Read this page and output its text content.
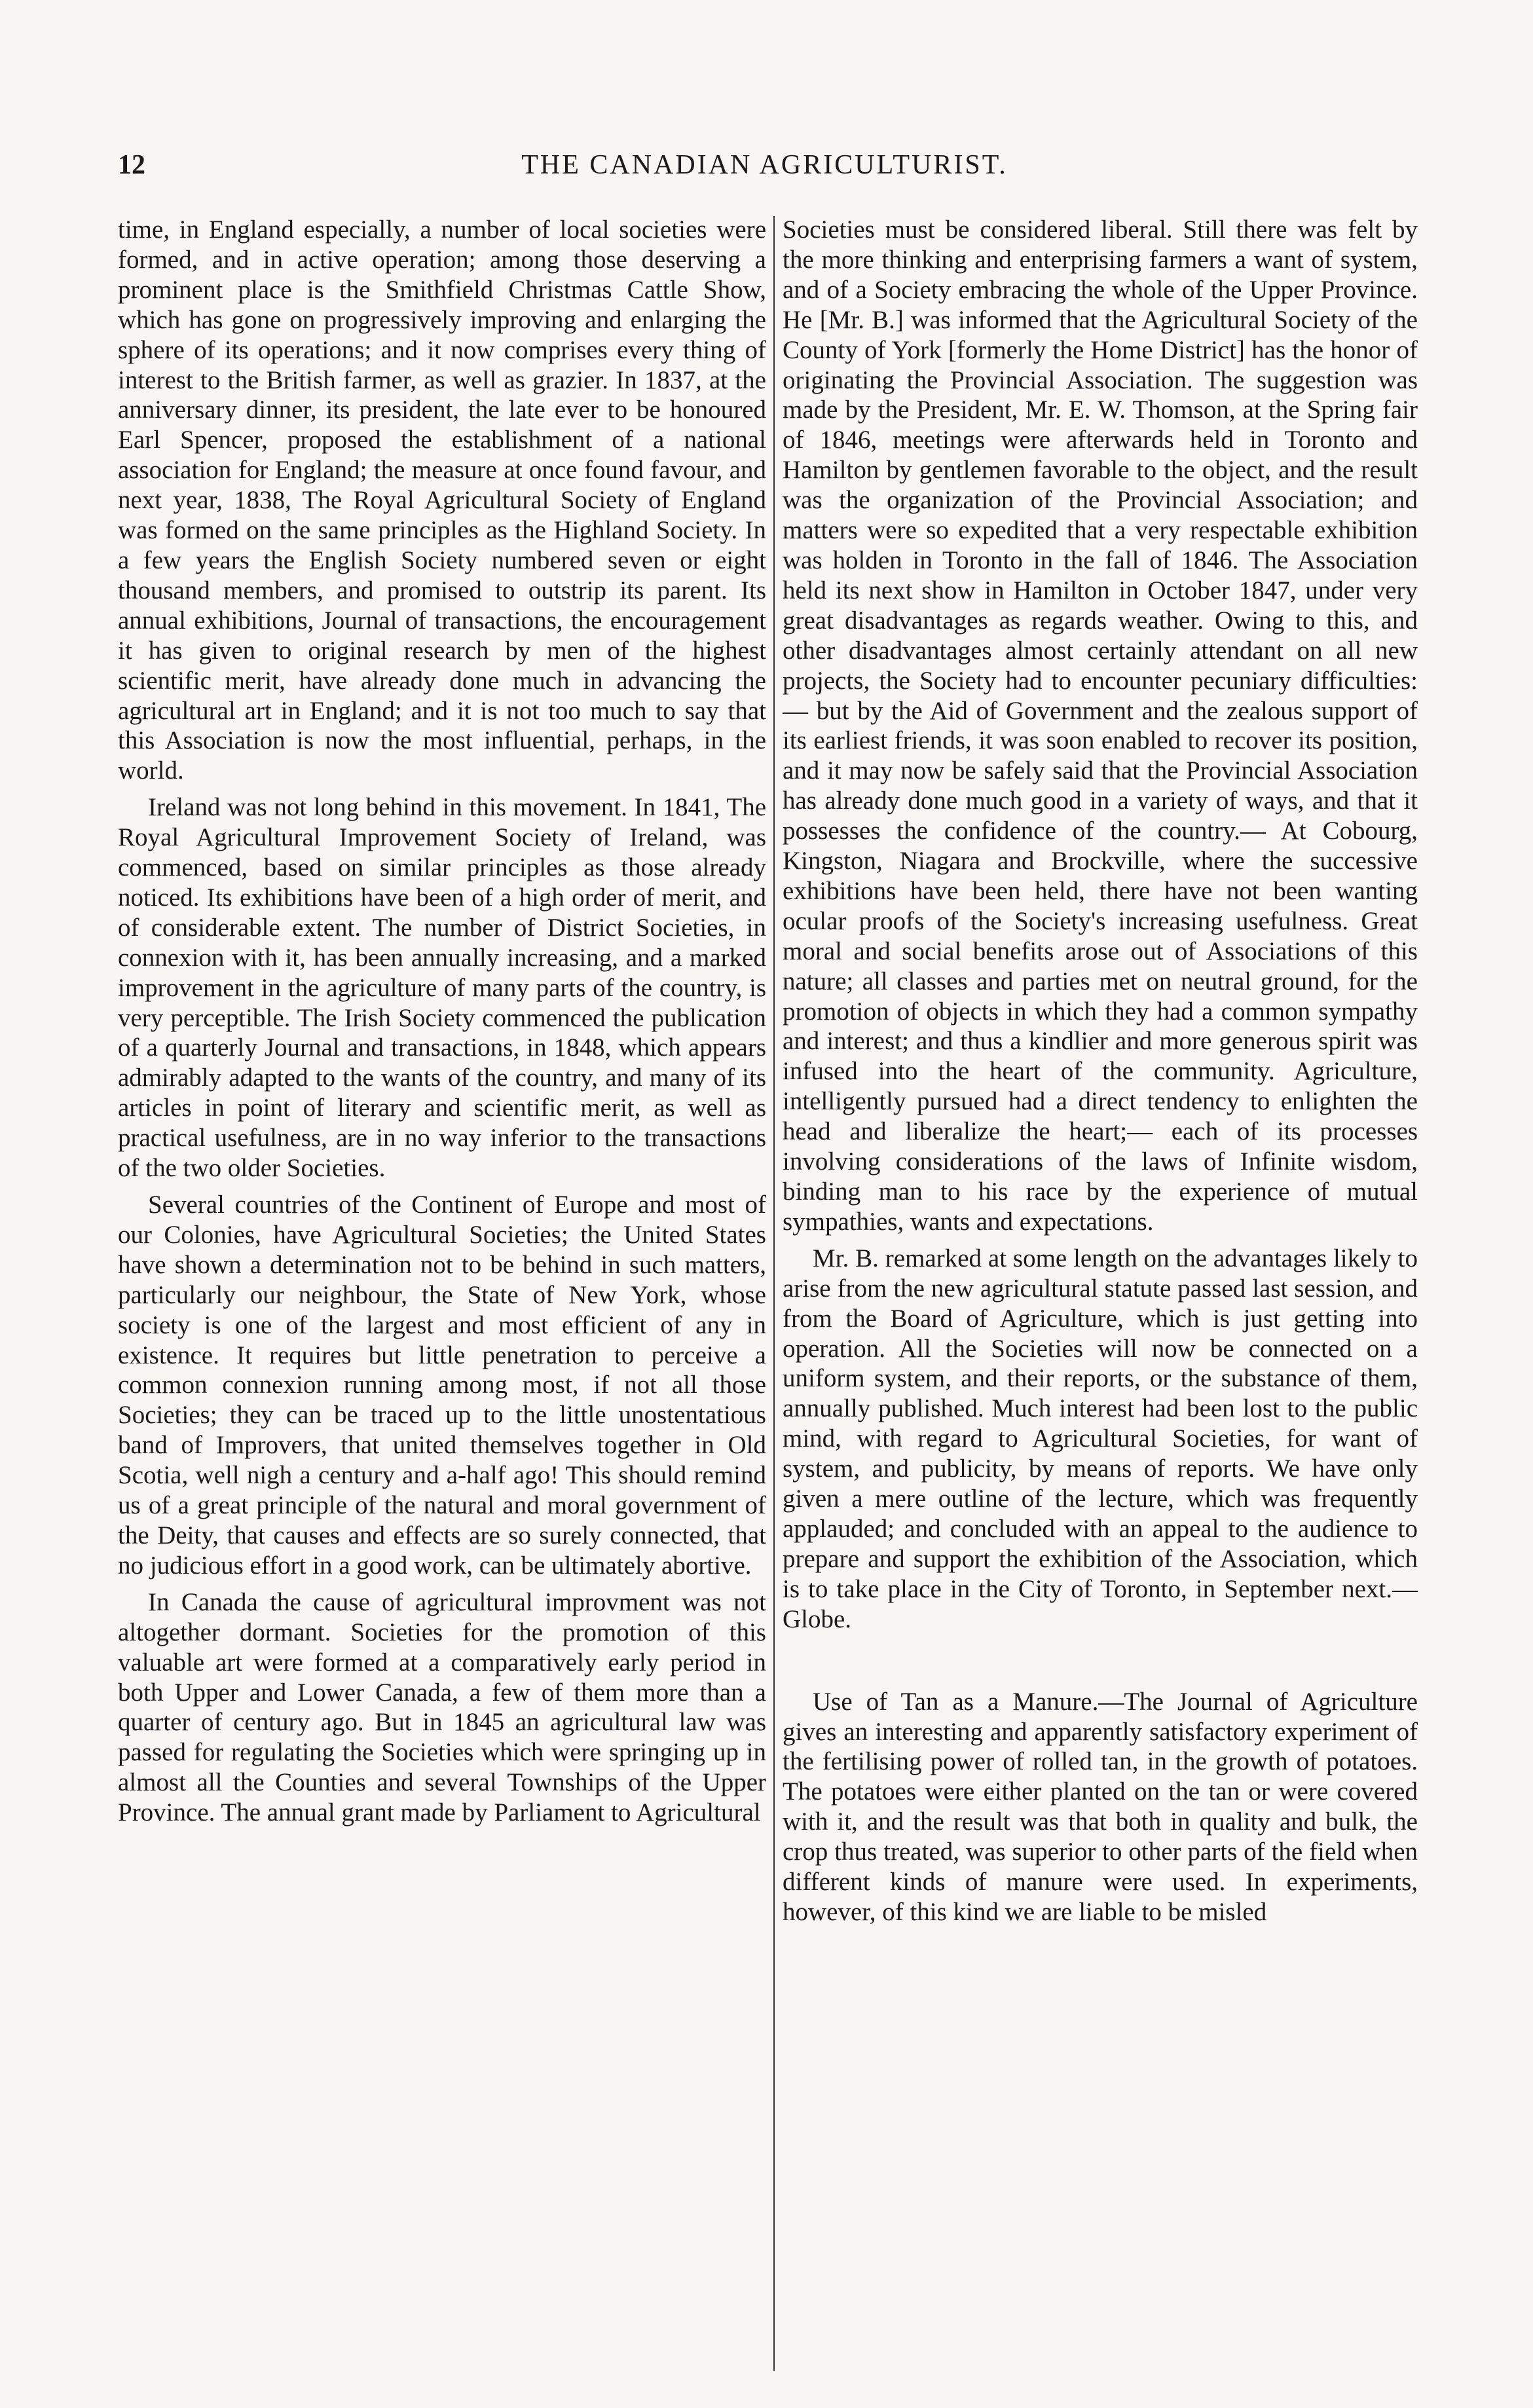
12	THE CANADIAN AGRICULTURIST.

time, in England especially, a number of local societies were formed, and in active operation; among those deserving a prominent place is the Smithfield Christmas Cattle Show, which has gone on progressively improving and enlarging the sphere of its operations; and it now comprises every thing of interest to the British farmer, as well as grazier. In 1837, at the anniversary dinner, its president, the late ever to be honoured Earl Spencer, proposed the establishment of a national association for England; the measure at once found favour, and next year, 1838, The Royal Agricultural Society of England was formed on the same principles as the Highland Society. In a few years the English Society numbered seven or eight thousand members, and promised to outstrip its parent. Its annual exhibitions, Journal of transactions, the encouragement it has given to original research by men of the highest scientific merit, have already done much in advancing the agricultural art in England; and it is not too much to say that this Association is now the most influential, perhaps, in the world.

Ireland was not long behind in this movement. In 1841, The Royal Agricultural Improvement Society of Ireland, was commenced, based on similar principles as those already noticed. Its exhibitions have been of a high order of merit, and of considerable extent. The number of District Societies, in connexion with it, has been annually increasing, and a marked improvement in the agriculture of many parts of the country, is very perceptible. The Irish Society commenced the publication of a quarterly Journal and transactions, in 1848, which appears admirably adapted to the wants of the country, and many of its articles in point of literary and scientific merit, as well as practical usefulness, are in no way inferior to the transactions of the two older Societies.

Several countries of the Continent of Europe and most of our Colonies, have Agricultural Societies; the United States have shown a determination not to be behind in such matters, particularly our neighbour, the State of New York, whose society is one of the largest and most efficient of any in existence. It requires but little penetration to perceive a common connexion running among most, if not all those Societies; they can be traced up to the little unostentatious band of Improvers, that united themselves together in Old Scotia, well nigh a century and a-half ago! This should remind us of a great principle of the natural and moral government of the Deity, that causes and effects are so surely connected, that no judicious effort in a good work, can be ultimately abortive.

In Canada the cause of agricultural improvment was not altogether dormant. Societies for the promotion of this valuable art were formed at a comparatively early period in both Upper and Lower Canada, a few of them more than a quarter of century ago. But in 1845 an agricultural law was passed for regulating the Societies which were springing up in almost all the Counties and several Townships of the Upper Province. The annual grant made by Parliament to Agricultural

Societies must be considered liberal. Still there was felt by the more thinking and enterprising farmers a want of system, and of a Society embracing the whole of the Upper Province. He [Mr. B.] was informed that the Agricultural Society of the County of York [formerly the Home District] has the honor of originating the Provincial Association. The suggestion was made by the President, Mr. E. W. Thomson, at the Spring fair of 1846, meetings were afterwards held in Toronto and Hamilton by gentlemen favorable to the object, and the result was the organization of the Provincial Association; and matters were so expedited that a very respectable exhibition was holden in Toronto in the fall of 1846. The Association held its next show in Hamilton in October 1847, under very great disadvantages as regards weather. Owing to this, and other disadvantages almost certainly attendant on all new projects, the Society had to encounter pecuniary difficulties: — but by the Aid of Government and the zealous support of its earliest friends, it was soon enabled to recover its position, and it may now be safely said that the Provincial Association has already done much good in a variety of ways, and that it possesses the confidence of the country.— At Cobourg, Kingston, Niagara and Brockville, where the successive exhibitions have been held, there have not been wanting ocular proofs of the Society's increasing usefulness. Great moral and social benefits arose out of Associations of this nature; all classes and parties met on neutral ground, for the promotion of objects in which they had a common sympathy and interest; and thus a kindlier and more generous spirit was infused into the heart of the community. Agriculture, intelligently pursued had a direct tendency to enlighten the head and liberalize the heart;— each of its processes involving considerations of the laws of Infinite wisdom, binding man to his race by the experience of mutual sympathies, wants and expectations.

Mr. B. remarked at some length on the advantages likely to arise from the new agricultural statute passed last session, and from the Board of Agriculture, which is just getting into operation. All the Societies will now be connected on a uniform system, and their reports, or the substance of them, annually published. Much interest had been lost to the public mind, with regard to Agricultural Societies, for want of system, and publicity, by means of reports. We have only given a mere outline of the lecture, which was frequently applauded; and concluded with an appeal to the audience to prepare and support the exhibition of the Association, which is to take place in the City of Toronto, in September next.—Globe.

Use of Tan as a Manure.—The Journal of Agriculture gives an interesting and apparently satisfactory experiment of the fertilising power of rolled tan, in the growth of potatoes. The potatoes were either planted on the tan or were covered with it, and the result was that both in quality and bulk, the crop thus treated, was superior to other parts of the field when different kinds of manure were used. In experiments, however, of this kind we are liable to be misled
